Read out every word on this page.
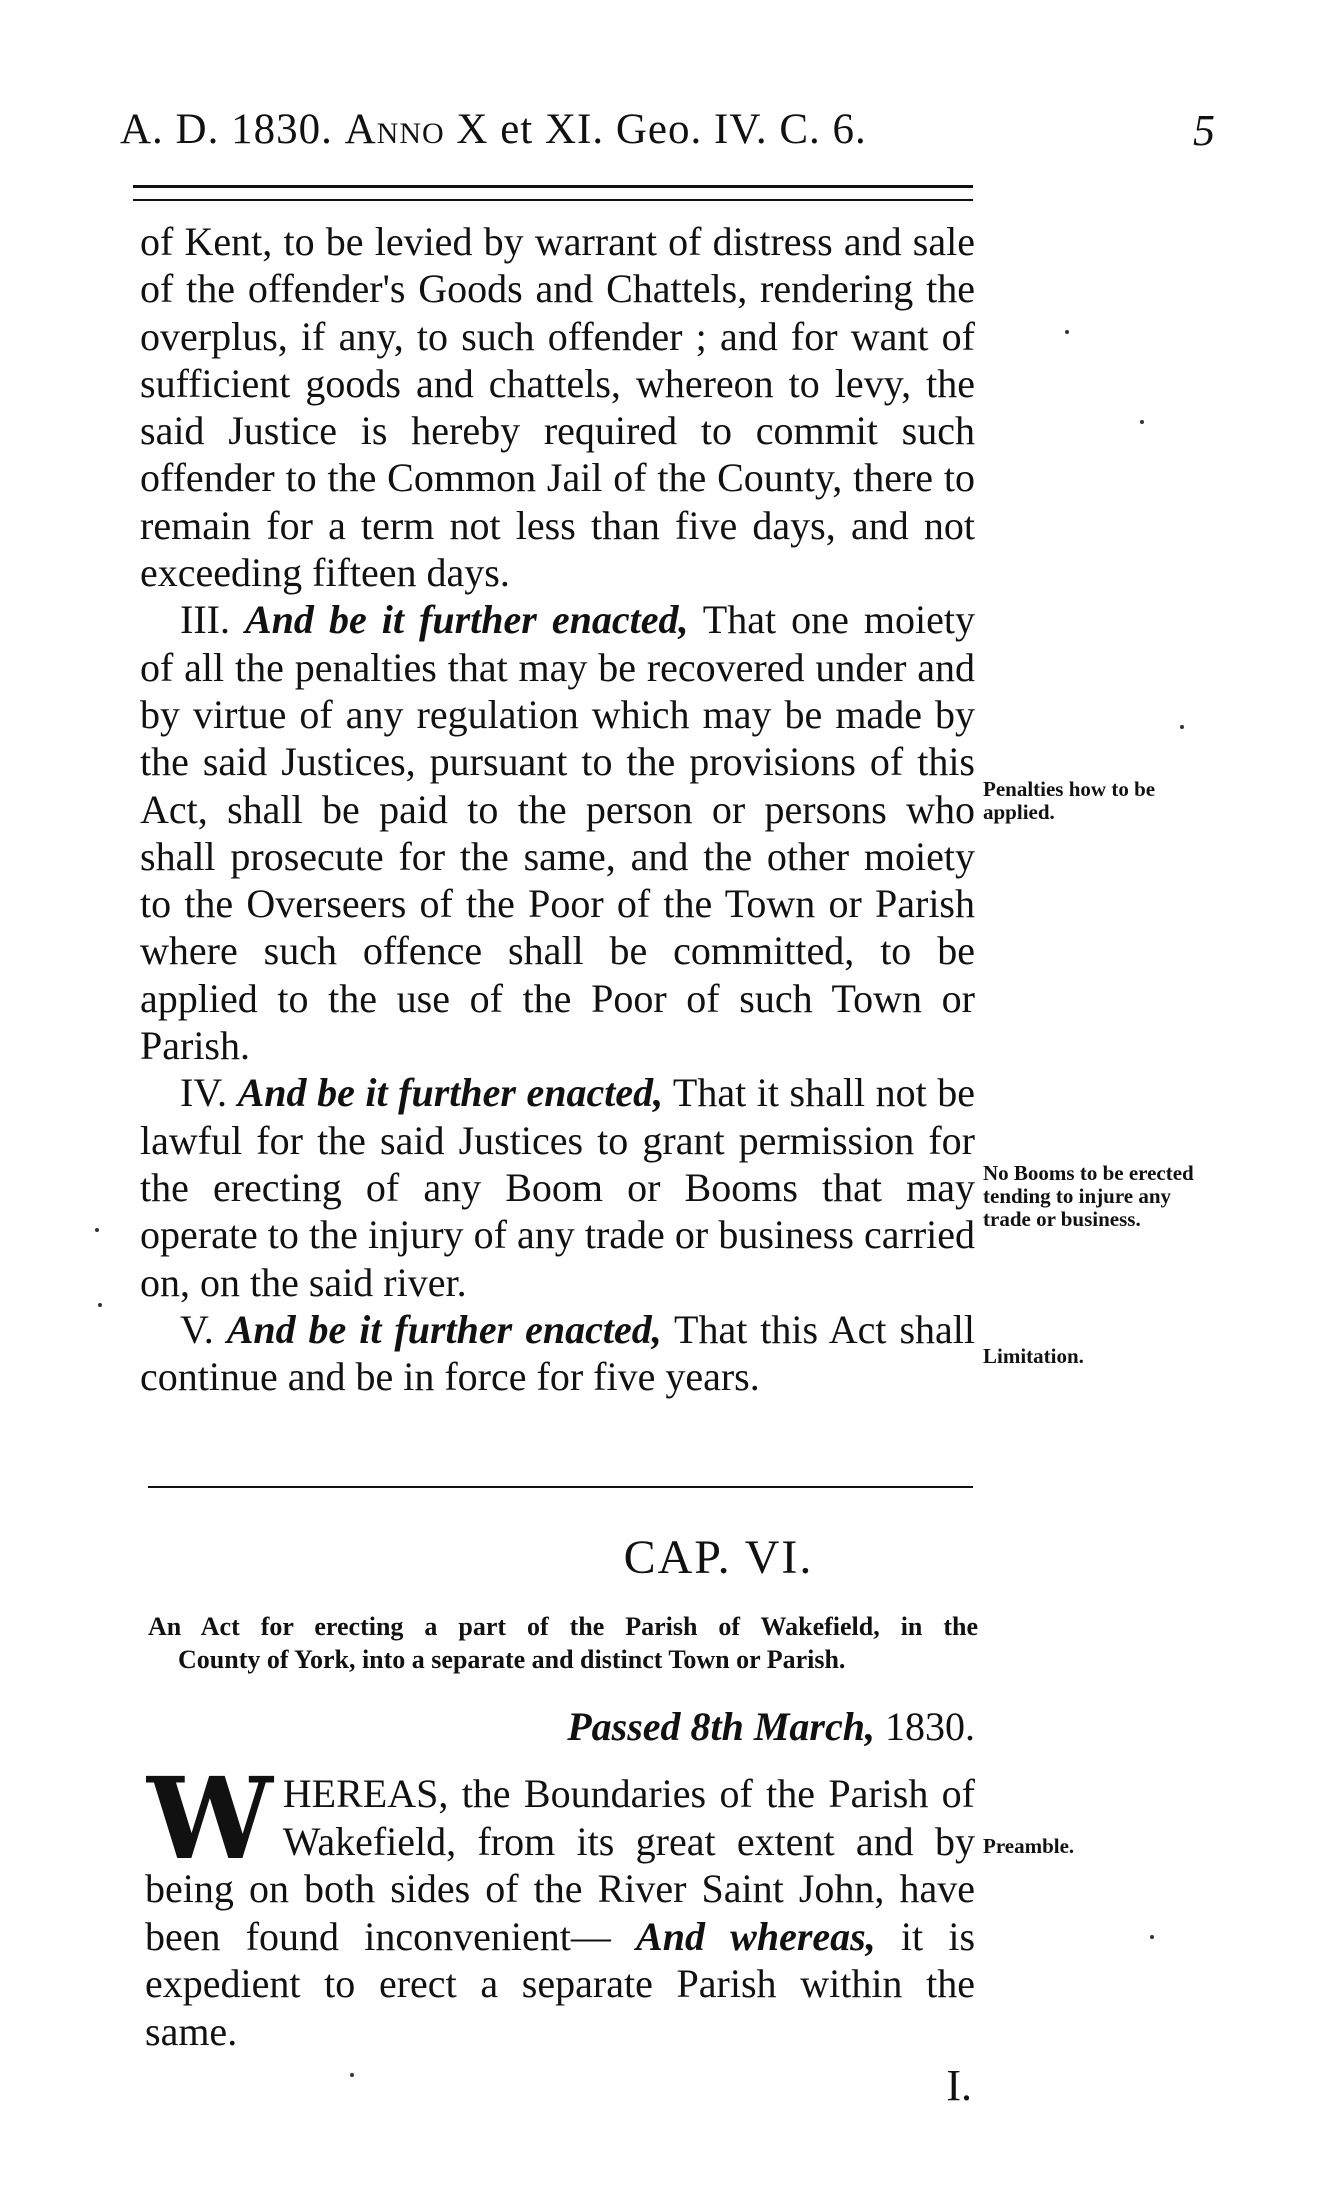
A. D. 1830. Anno X et XI. Geo. IV. C. 6.	5

of Kent, to be levied by warrant of distress and sale of the offender's Goods and Chattels, rendering the overplus, if any, to such offender ; and for want of sufficient goods and chattels, whereon to levy, the said Justice is hereby required to commit such offender to the Common Jail of the County, there to remain for a term not less than five days, and not exceeding fifteen days.

III. And be it further enacted, That one moiety of all the penalties that may be recovered under and by virtue of any regulation which may be made by the said Justices, pursuant to the provisions of this Act, shall be paid to the person or persons who shall prosecute for the same, and the other moiety to the Overseers of the Poor of the Town or Parish where such offence shall be committed, to be applied to the use of the Poor of such Town or Parish.

IV. And be it further enacted, That it shall not be lawful for the said Justices to grant permission for the erecting of any Boom or Booms that may operate to the injury of any trade or business carried on, on the said river.

V. And be it further enacted, That this Act shall continue and be in force for five years.

Penalties how to be applied.
No Booms to be erected tending to injure any trade or business.
Limitation.
CAP. VI.
An Act for erecting a part of the Parish of Wakefield, in the
County of York, into a separate and distinct Town or Parish.
Passed 8th March, 1830.
W HEREAS, the Boundaries of the Parish of Wakefield, from its great extent and by being on both sides of the River Saint John, have been found inconvenient— And whereas, it is expedient to erect a separate Parish within the same.
Preamble.
I.
